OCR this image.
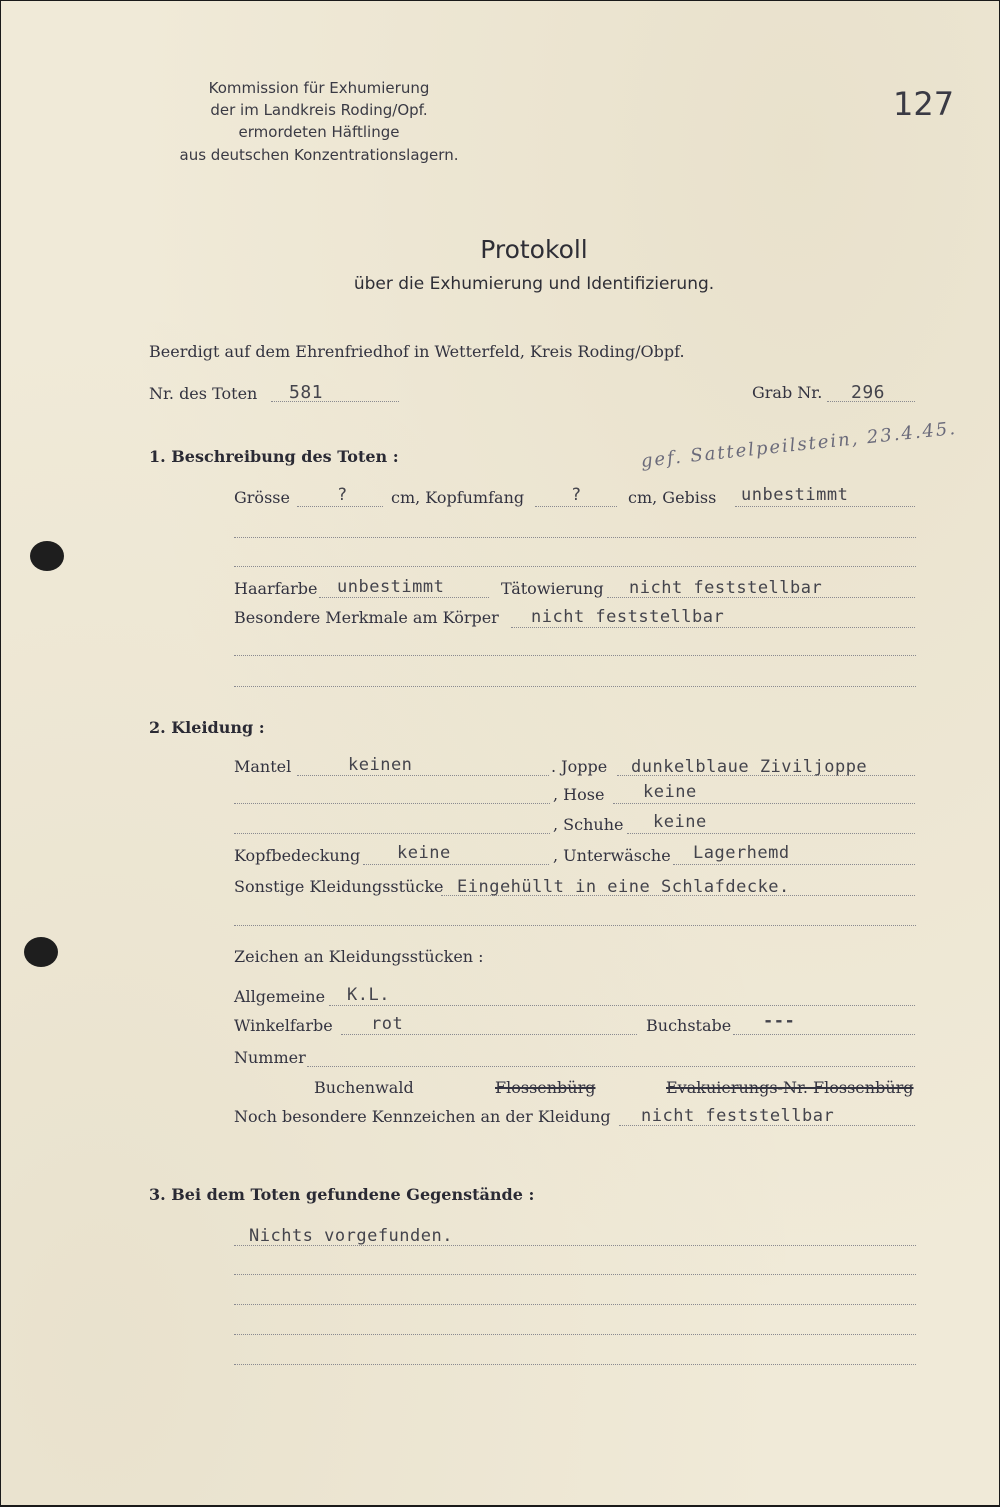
Kommission für Exhumierung
der im Landkreis Roding/Opf.
ermordeten Häftlinge
aus deutschen Konzentrationslagern.
127
Protokoll
über die Exhumierung und Identifizierung.
Beerdigt auf dem Ehrenfriedhof in Wetterfeld, Kreis Roding/Obpf.
Nr. des Toten 581	Grab Nr. 296
1. Beschreibung des Toten :	gef. Sattelpeilstein, 23.4.45.
Grösse	?	cm, Kopfumfang	?	cm, Gebiss unbestimmt
Haarfarbe unbestimmt	Tätowierung nicht feststellbar
Besondere Merkmale am Körper nicht feststellbar
2. Kleidung :
Mantel	keinen	. Joppe dunkelblaue Ziviljoppe
, Hose keine
, Schuhe keine
Kopfbedeckung keine	, Unterwäsche Lagerhemd
Sonstige Kleidungsstücke Eingehüllt in eine Schlafdecke.
Zeichen an Kleidungsstücken :
Allgemeine K.L.
Winkelfarbe rot	Buchstabe ---
Nummer
Buchenwald	Flossenbürg	Evakuierungs-Nr. Flossenbürg
Noch besondere Kennzeichen an der Kleidung nicht feststellbar
3. Bei dem Toten gefundene Gegenstände :
Nichts vorgefunden.
